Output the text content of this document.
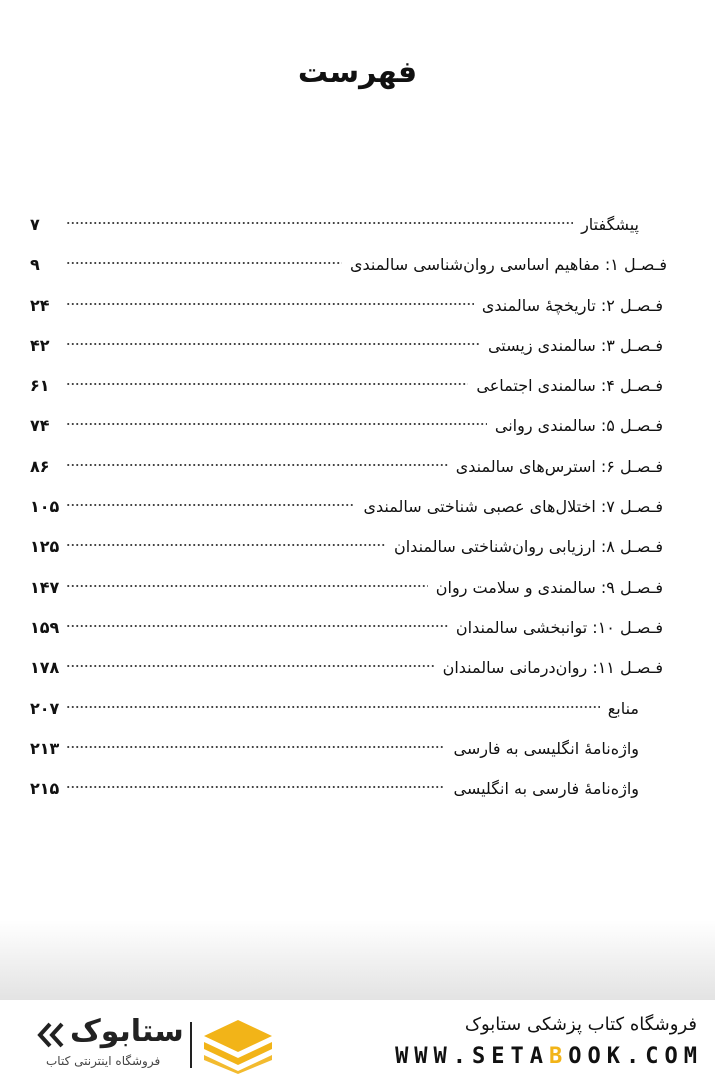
فهرست
پیشگفتار
۷
فـصـل ۱: مفاهیم اساسی روان‌شناسی سالمندی
۹
فـصـل ۲: تاریخچهٔ سالمندی
۲۴
فـصـل ۳: سالمندی زیستی
۴۲
فـصـل ۴: سالمندی اجتماعی
۶۱
فـصـل ۵: سالمندی روانی
۷۴
فـصـل ۶: استرس‌های سالمندی
۸۶
فـصـل ۷: اختلال‌های عصبی شناختی سالمندی
۱۰۵
فـصـل ۸: ارزیابی روان‌شناختی سالمندان
۱۲۵
فـصـل ۹: سالمندی و سلامت روان
۱۴۷
فـصـل ۱۰: توانبخشی سالمندان
۱۵۹
فـصـل ۱۱: روان‌درمانی سالمندان
۱۷۸
منابع
۲۰۷
واژه‌نامهٔ انگلیسی به فارسی
۲۱۳
واژه‌نامهٔ فارسی به انگلیسی
۲۱۵
فروشگاه کتاب پزشکی ستابوک
WWW.SETABOOK.COM
ستابوک
فروشگاه اینترنتی کتاب
